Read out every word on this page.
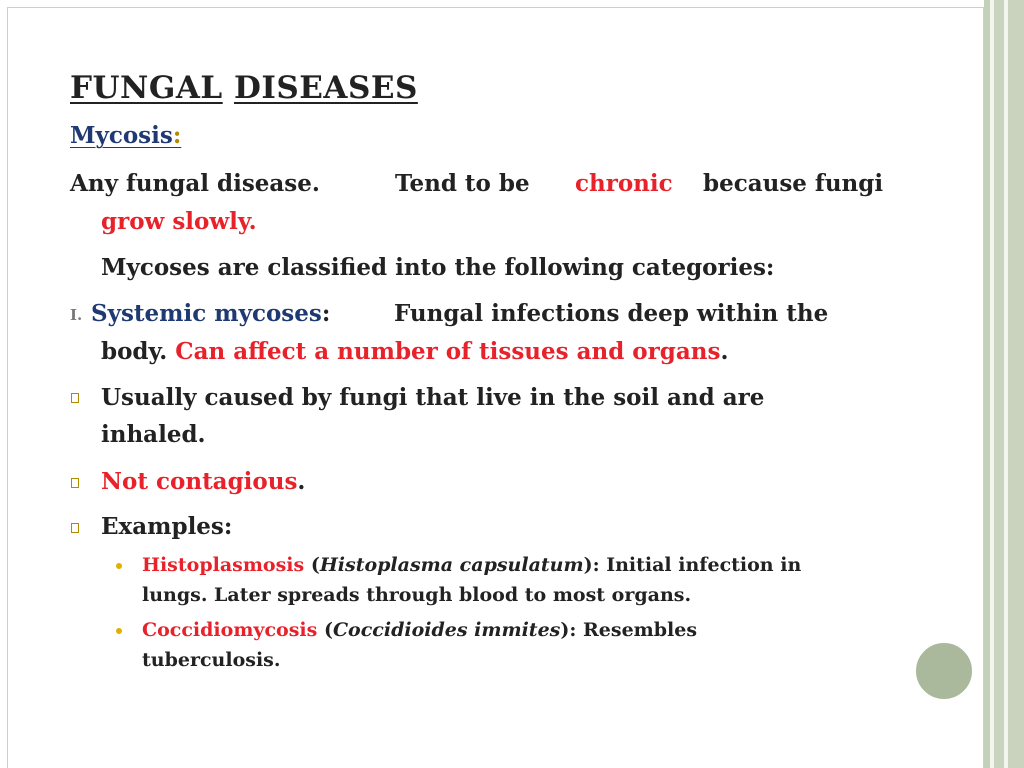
FUNGAL DISEASES
Mycosis:
Any fungal disease.	Tend to be chronic because fungi
grow slowly.
Mycoses are classified into the following categories:
I. Systemic mycoses:	Fungal infections deep within the
body. Can affect a number of tissues and organs.
Usually caused by fungi that live in the soil and are
inhaled.
Not contagious.
Examples:
Histoplasmosis (Histoplasma capsulatum): Initial infection in
lungs. Later spreads through blood to most organs.
Coccidiomycosis (Coccidioides immites): Resembles
tuberculosis.
